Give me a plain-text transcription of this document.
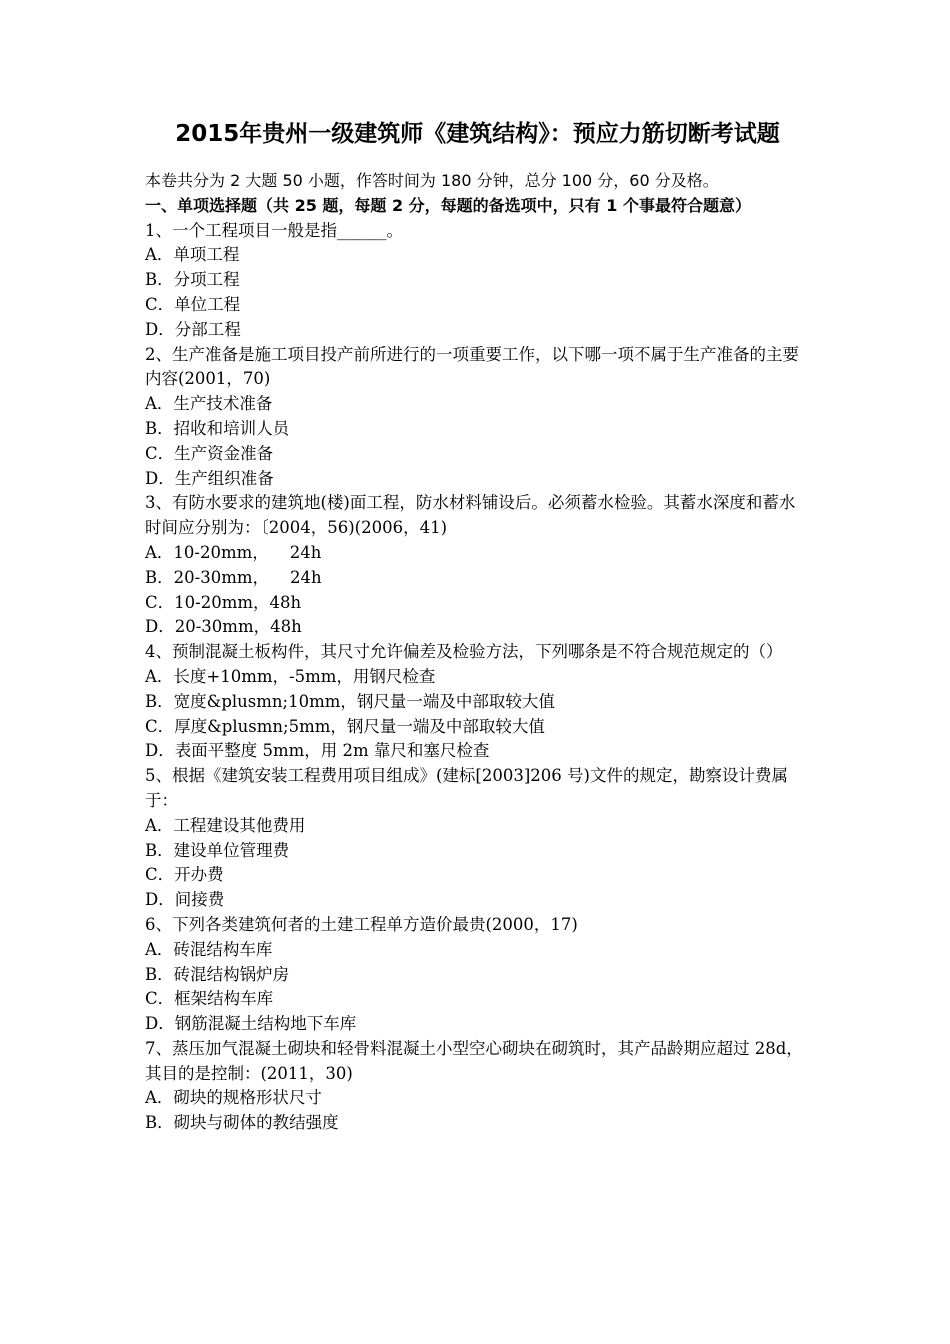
2015年贵州一级建筑师《建筑结构》：预应力筋切断考试题
本卷共分为 2 大题 50 小题，作答时间为 180 分钟，总分 100 分，60 分及格。
一、单项选择题（共 25 题，每题 2 分，每题的备选项中，只有 1 个事最符合题意）
1、一个工程项目一般是指______。
A．单项工程
B．分项工程
C．单位工程
D．分部工程
2、生产准备是施工项目投产前所进行的一项重要工作，以下哪一项不属于生产准备的主要内容(2001，70)
A．生产技术准备
B．招收和培训人员
C．生产资金准备
D．生产组织准备
3、有防水要求的建筑地(楼)面工程，防水材料铺设后。必须蓄水检验。其蓄水深度和蓄水时间应分别为：〔2004，56)(2006，41)
A．10-20mm，    24h
B．20-30mm，    24h
C．10-20mm，48h
D．20-30mm，48h
4、预制混凝土板构件，其尺寸允许偏差及检验方法，下列哪条是不符合规范规定的（）
A．长度+10mm，-5mm，用钢尺检查
B．宽度&plusmn;10mm，钢尺量一端及中部取较大值
C．厚度&plusmn;5mm，钢尺量一端及中部取较大值
D．表面平整度 5mm，用 2m 靠尺和塞尺检查
5、根据《建筑安装工程费用项目组成》(建标[2003]206 号)文件的规定，勘察设计费属于：
A．工程建设其他费用
B．建设单位管理费
C．开办费
D．间接费
6、下列各类建筑何者的土建工程单方造价最贵(2000，17)
A．砖混结构车库
B．砖混结构锅炉房
C．框架结构车库
D．钢筋混凝土结构地下车库
7、蒸压加气混凝土砌块和轻骨料混凝土小型空心砌块在砌筑时，其产品龄期应超过 28d，其目的是控制：(2011，30)
A．砌块的规格形状尺寸
B．砌块与砌体的教结强度
